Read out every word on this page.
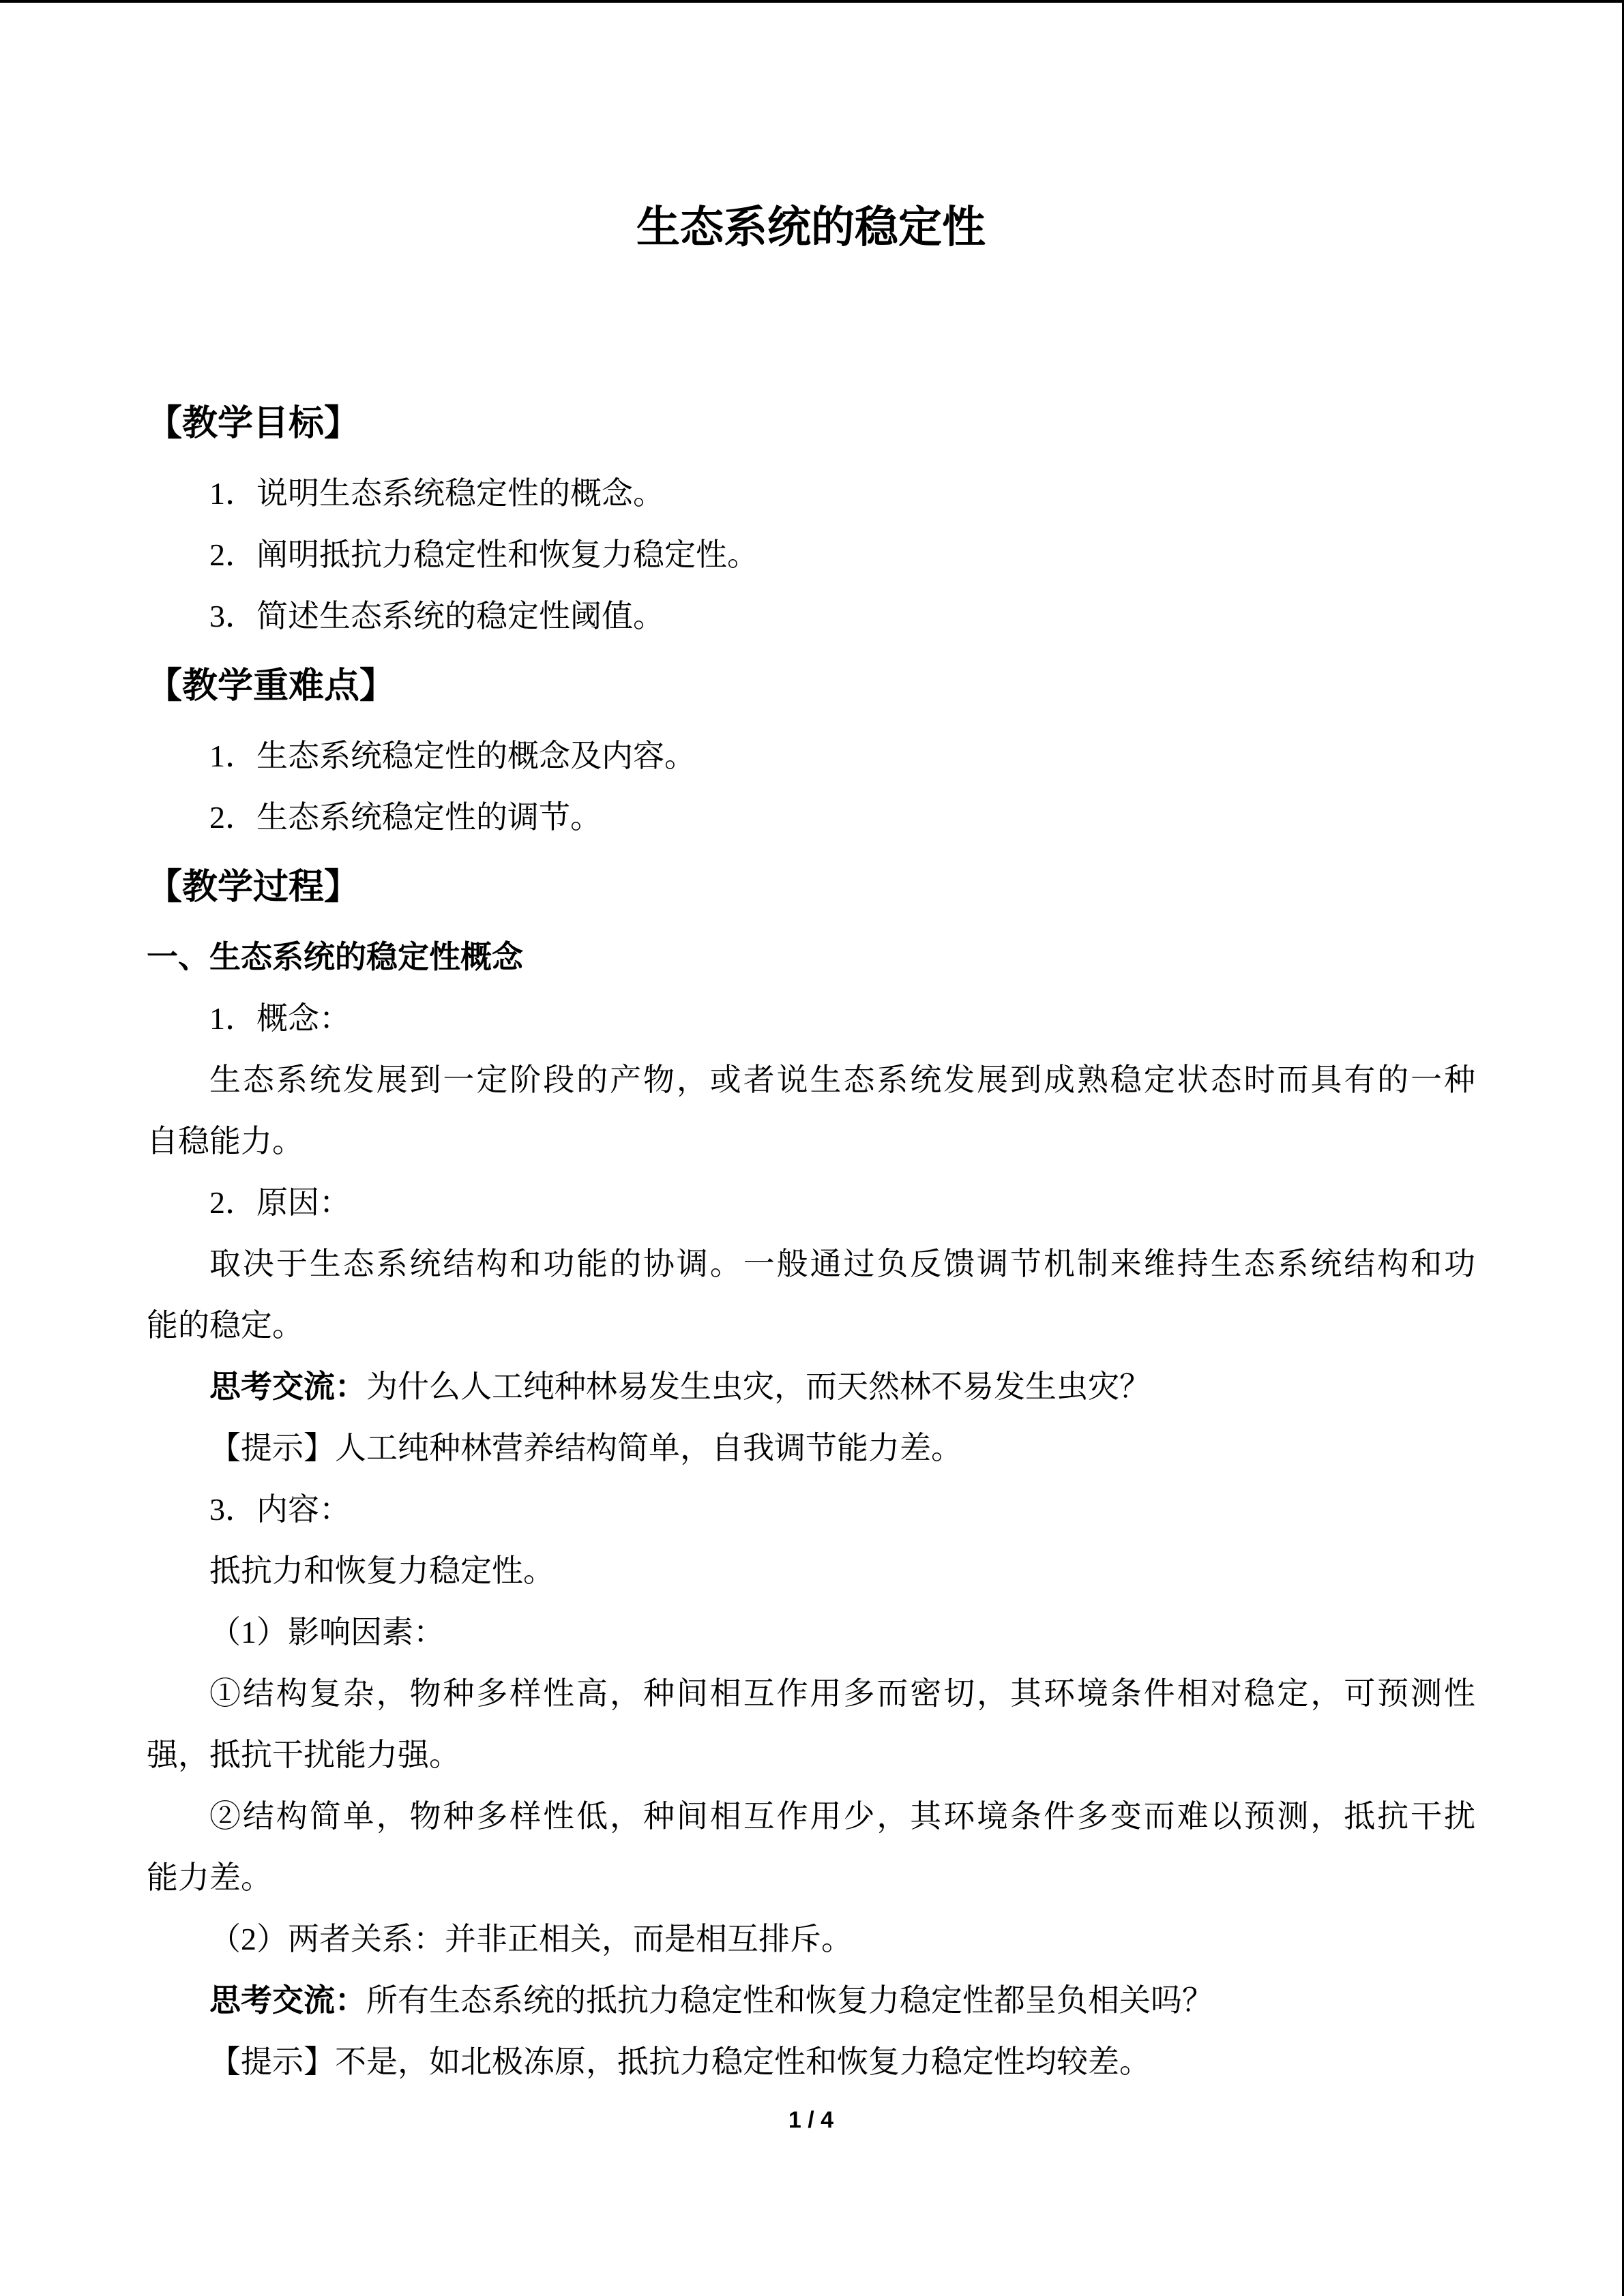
生态系统的稳定性
【教学目标】
1．说明生态系统稳定性的概念。
2．阐明抵抗力稳定性和恢复力稳定性。
3．简述生态系统的稳定性阈值。
【教学重难点】
1．生态系统稳定性的概念及内容。
2．生态系统稳定性的调节。
【教学过程】
一、生态系统的稳定性概念
1．概念：
生态系统发展到一定阶段的产物，或者说生态系统发展到成熟稳定状态时而具有的一种
自稳能力。
2．原因：
取决于生态系统结构和功能的协调。一般通过负反馈调节机制来维持生态系统结构和功
能的稳定。
思考交流：为什么人工纯种林易发生虫灾，而天然林不易发生虫灾？
【提示】人工纯种林营养结构简单，自我调节能力差。
3．内容：
抵抗力和恢复力稳定性。
（1）影响因素：
①结构复杂，物种多样性高，种间相互作用多而密切，其环境条件相对稳定，可预测性
强，抵抗干扰能力强。
②结构简单，物种多样性低，种间相互作用少，其环境条件多变而难以预测，抵抗干扰
能力差。
（2）两者关系：并非正相关，而是相互排斥。
思考交流：所有生态系统的抵抗力稳定性和恢复力稳定性都呈负相关吗？
【提示】不是，如北极冻原，抵抗力稳定性和恢复力稳定性均较差。
1 / 4
